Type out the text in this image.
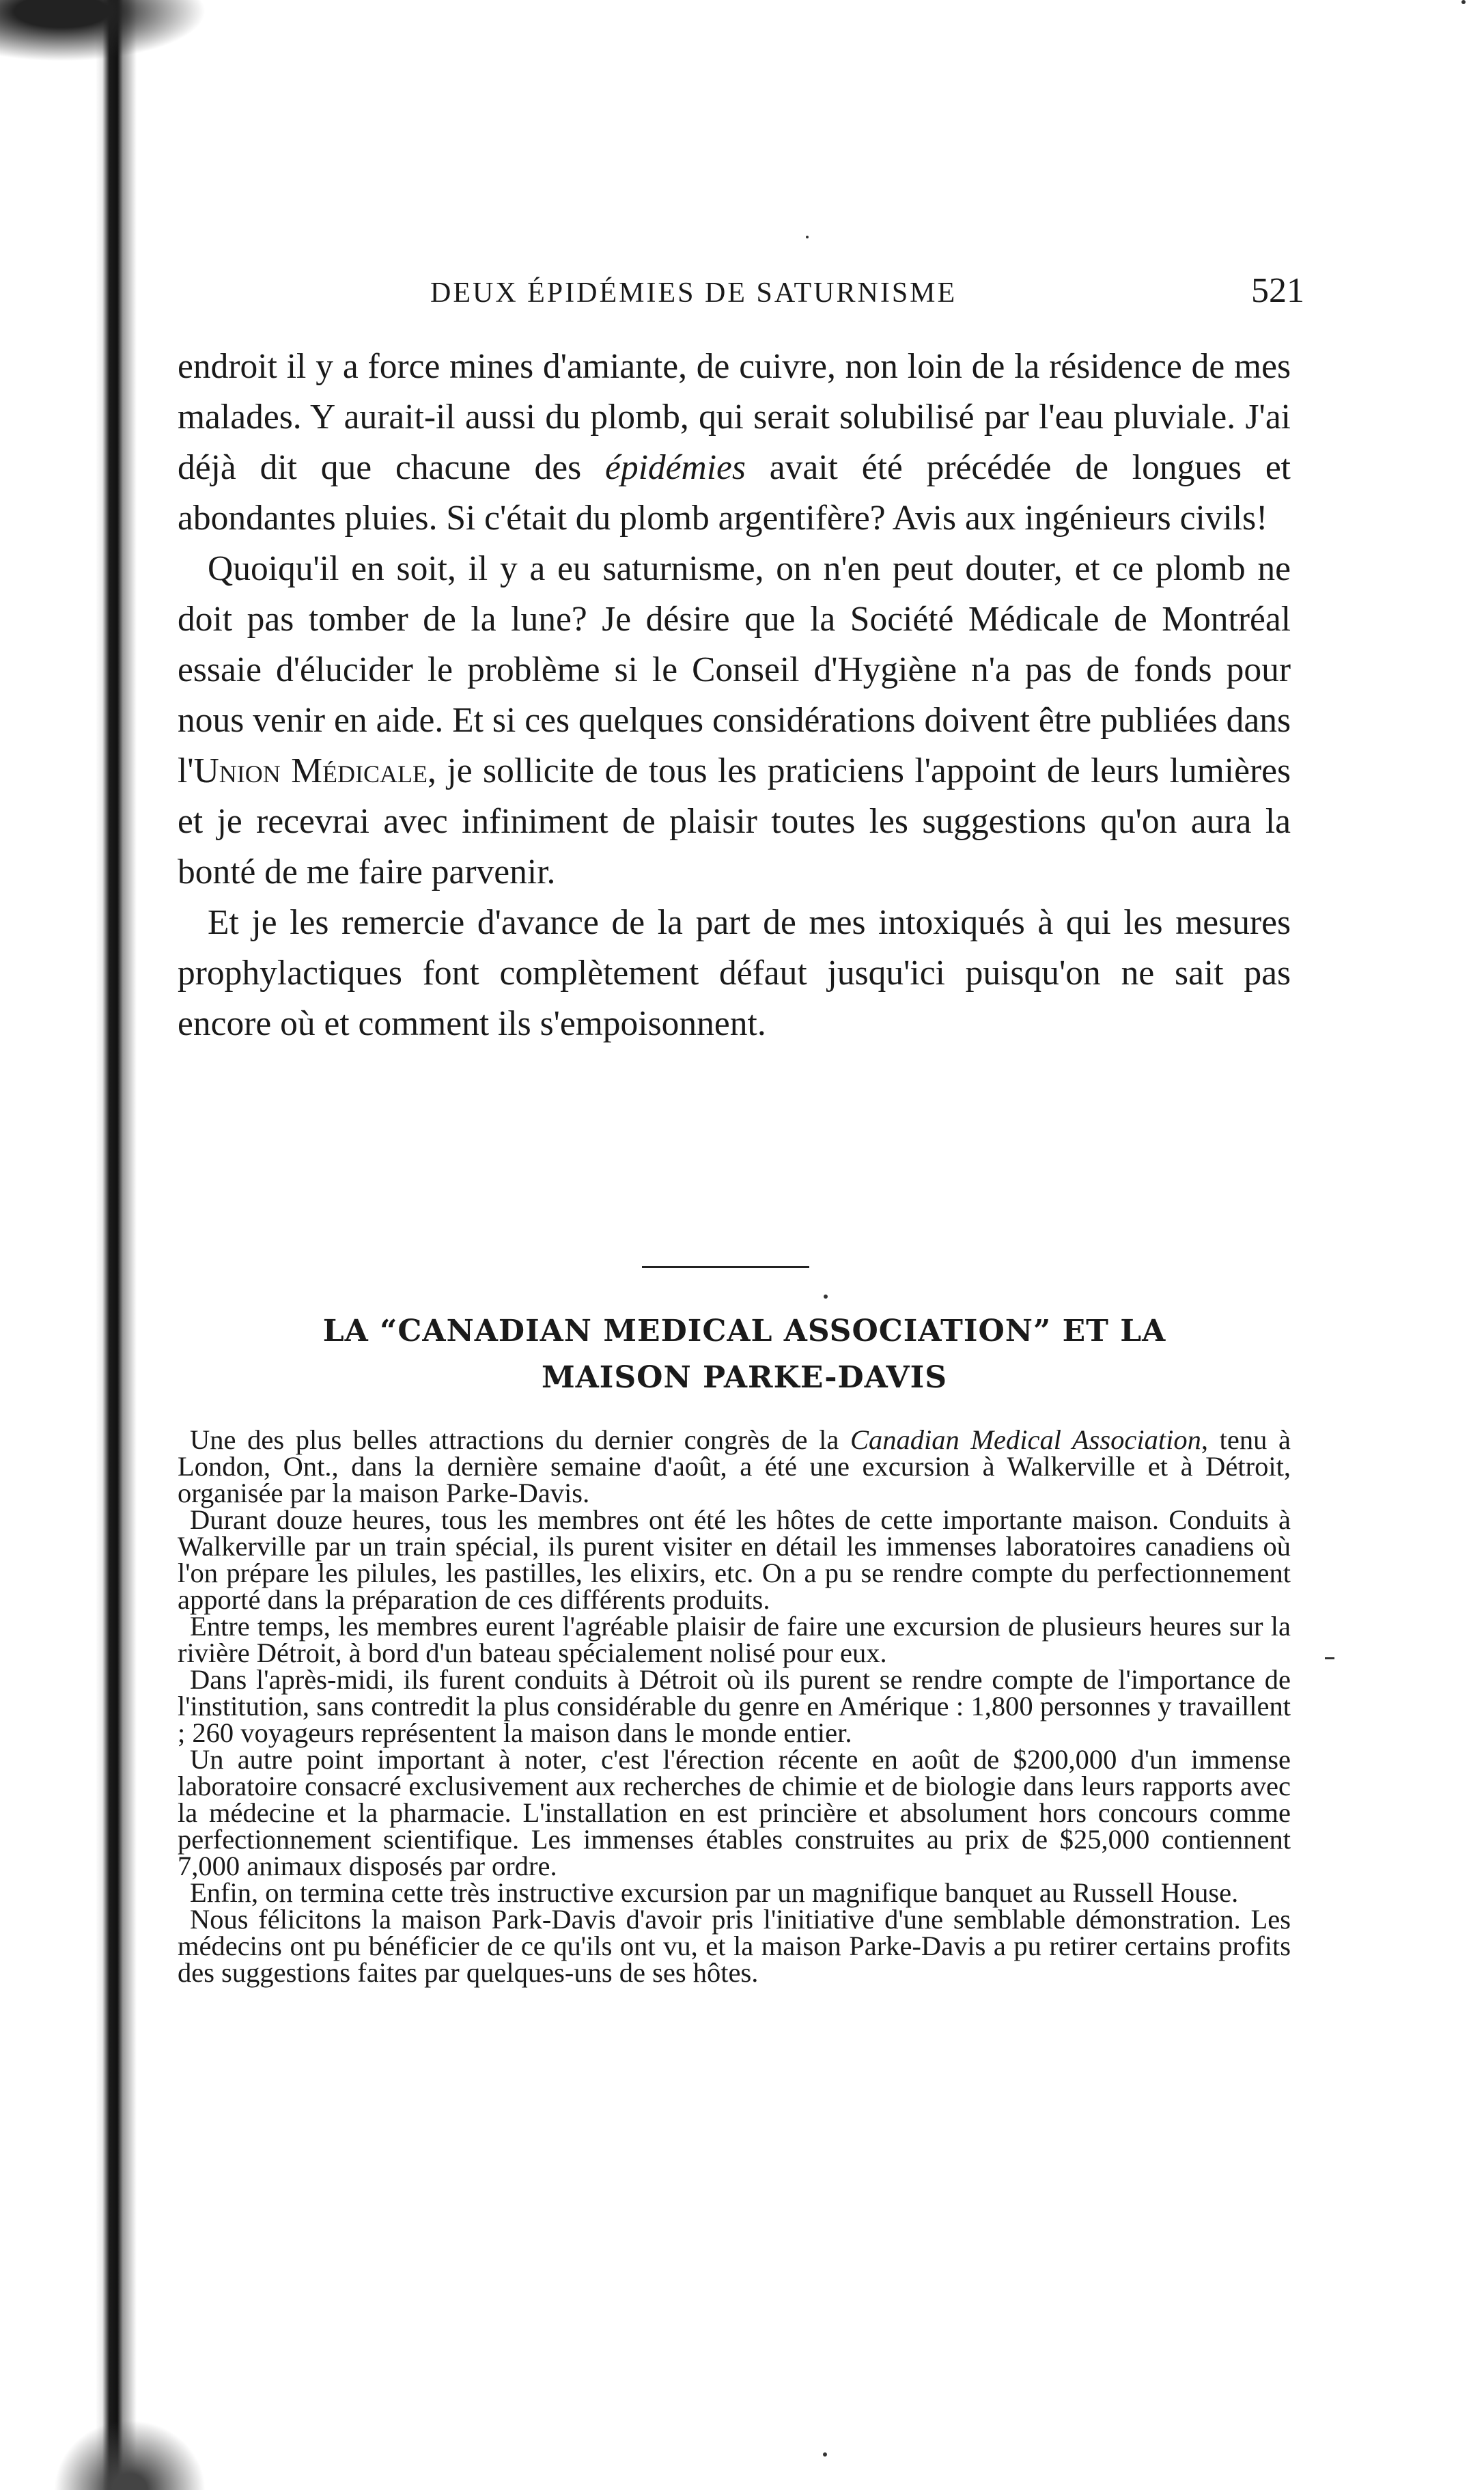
DEUX ÉPIDÉMIES DE SATURNISME	521

endroit il y a force mines d'amiante, de cuivre, non loin de la résidence de mes malades. Y aurait-il aussi du plomb, qui serait solubilisé par l'eau pluviale. J'ai déjà dit que chacune des épidémies avait été précédée de longues et abondantes pluies. Si c'était du plomb argentifère? Avis aux ingénieurs civils!

Quoiqu'il en soit, il y a eu saturnisme, on n'en peut douter, et ce plomb ne doit pas tomber de la lune? Je désire que la Société Médicale de Montréal essaie d'élucider le problème si le Conseil d'Hygiène n'a pas de fonds pour nous venir en aide. Et si ces quelques considérations doivent être publiées dans l'Union Médicale, je sollicite de tous les praticiens l'appoint de leurs lumières et je recevrai avec infiniment de plaisir toutes les suggestions qu'on aura la bonté de me faire parvenir.

Et je les remercie d'avance de la part de mes intoxiqués à qui les mesures prophylactiques font complètement défaut jusqu'ici puisqu'on ne sait pas encore où et comment ils s'empoisonnent.

LA “CANADIAN MEDICAL ASSOCIATION” ET LA
MAISON PARKE-DAVIS

Une des plus belles attractions du dernier congrès de la Canadian Medical Association, tenu à London, Ont., dans la dernière semaine d'août, a été une excursion à Walkerville et à Détroit, organisée par la maison Parke-Davis.

Durant douze heures, tous les membres ont été les hôtes de cette importante maison. Conduits à Walkerville par un train spécial, ils purent visiter en détail les immenses laboratoires canadiens où l'on prépare les pilules, les pastilles, les elixirs, etc. On a pu se rendre compte du perfectionnement apporté dans la préparation de ces différents produits.

Entre temps, les membres eurent l'agréable plaisir de faire une excursion de plusieurs heures sur la rivière Détroit, à bord d'un bateau spécialement nolisé pour eux.

Dans l'après-midi, ils furent conduits à Détroit où ils purent se rendre compte de l'importance de l'institution, sans contredit la plus considérable du genre en Amérique : 1,800 personnes y travaillent ; 260 voyageurs représentent la maison dans le monde entier.

Un autre point important à noter, c'est l'érection récente en août de $200,000 d'un immense laboratoire consacré exclusivement aux recherches de chimie et de biologie dans leurs rapports avec la médecine et la pharmacie. L'installation en est princière et absolument hors concours comme perfectionnement scientifique. Les immenses étables construites au prix de $25,000 contiennent 7,000 animaux disposés par ordre.

Enfin, on termina cette très instructive excursion par un magnifique banquet au Russell House.

Nous félicitons la maison Park-Davis d'avoir pris l'initiative d'une semblable démonstration. Les médecins ont pu bénéficier de ce qu'ils ont vu, et la maison Parke-Davis a pu retirer certains profits des suggestions faites par quelques-uns de ses hôtes.
